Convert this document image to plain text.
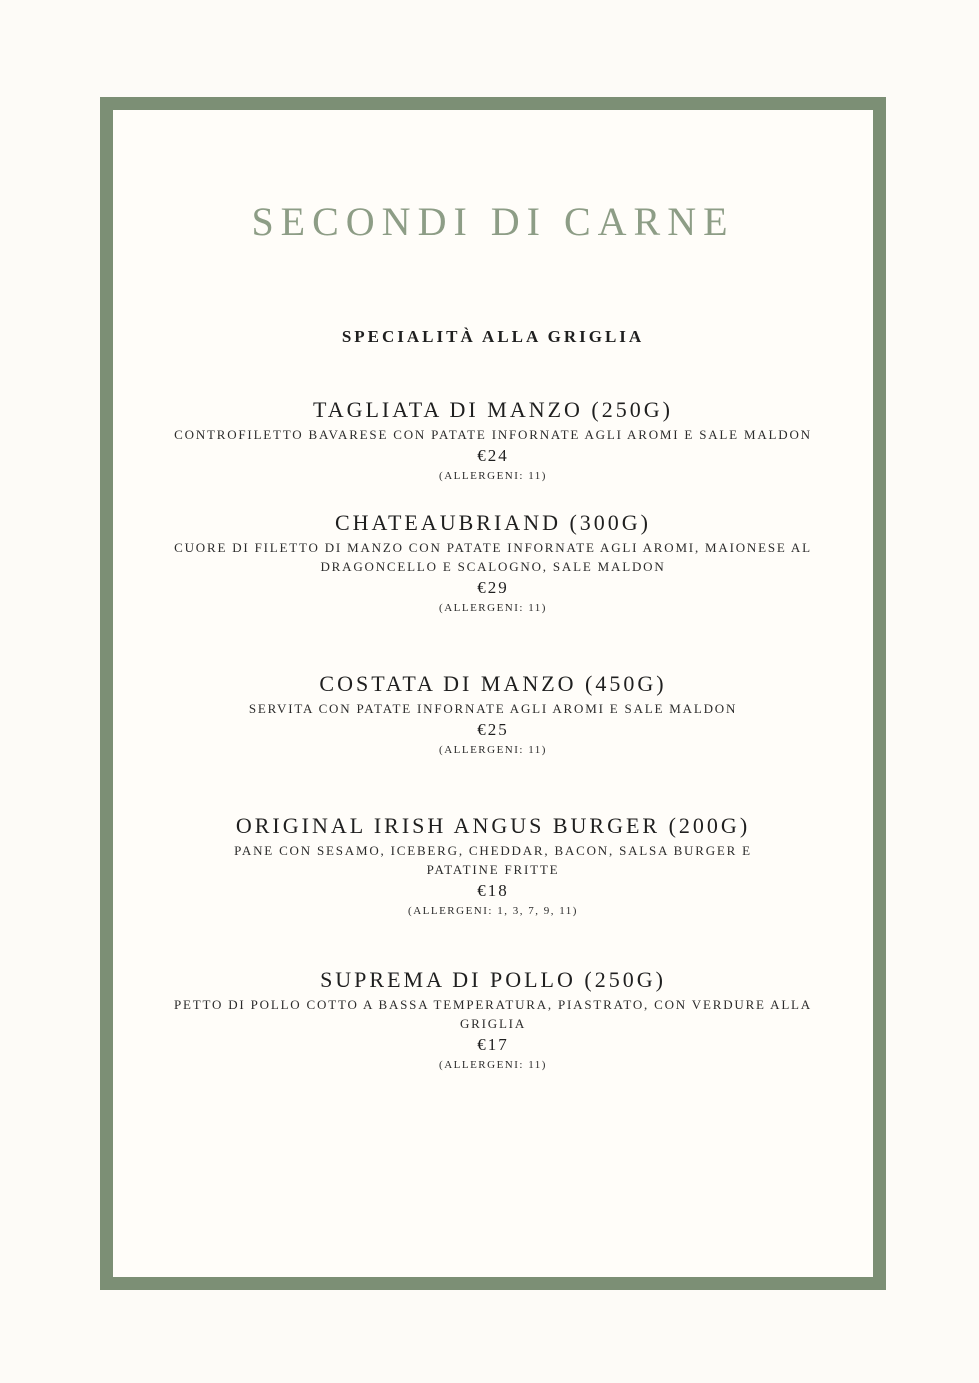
SECONDI DI CARNE
SPECIALITÀ ALLA GRIGLIA
TAGLIATA DI MANZO (250G)
CONTROFILETTO BAVARESE CON PATATE INFORNATE AGLI AROMI E SALE MALDON
€24
(ALLERGENI: 11)
CHATEAUBRIAND (300G)
CUORE DI FILETTO DI MANZO CON PATATE INFORNATE AGLI AROMI, MAIONESE AL DRAGONCELLO E SCALOGNO, SALE MALDON
€29
(ALLERGENI: 11)
COSTATA DI MANZO (450G)
SERVITA CON PATATE INFORNATE AGLI AROMI E SALE MALDON
€25
(ALLERGENI: 11)
ORIGINAL IRISH ANGUS BURGER (200G)
PANE CON SESAMO, ICEBERG, CHEDDAR, BACON, SALSA BURGER E PATATINE FRITTE
€18
(ALLERGENI: 1, 3, 7, 9, 11)
SUPREMA DI POLLO (250G)
PETTO DI POLLO COTTO A BASSA TEMPERATURA, PIASTRATO, CON VERDURE ALLA GRIGLIA
€17
(ALLERGENI: 11)
